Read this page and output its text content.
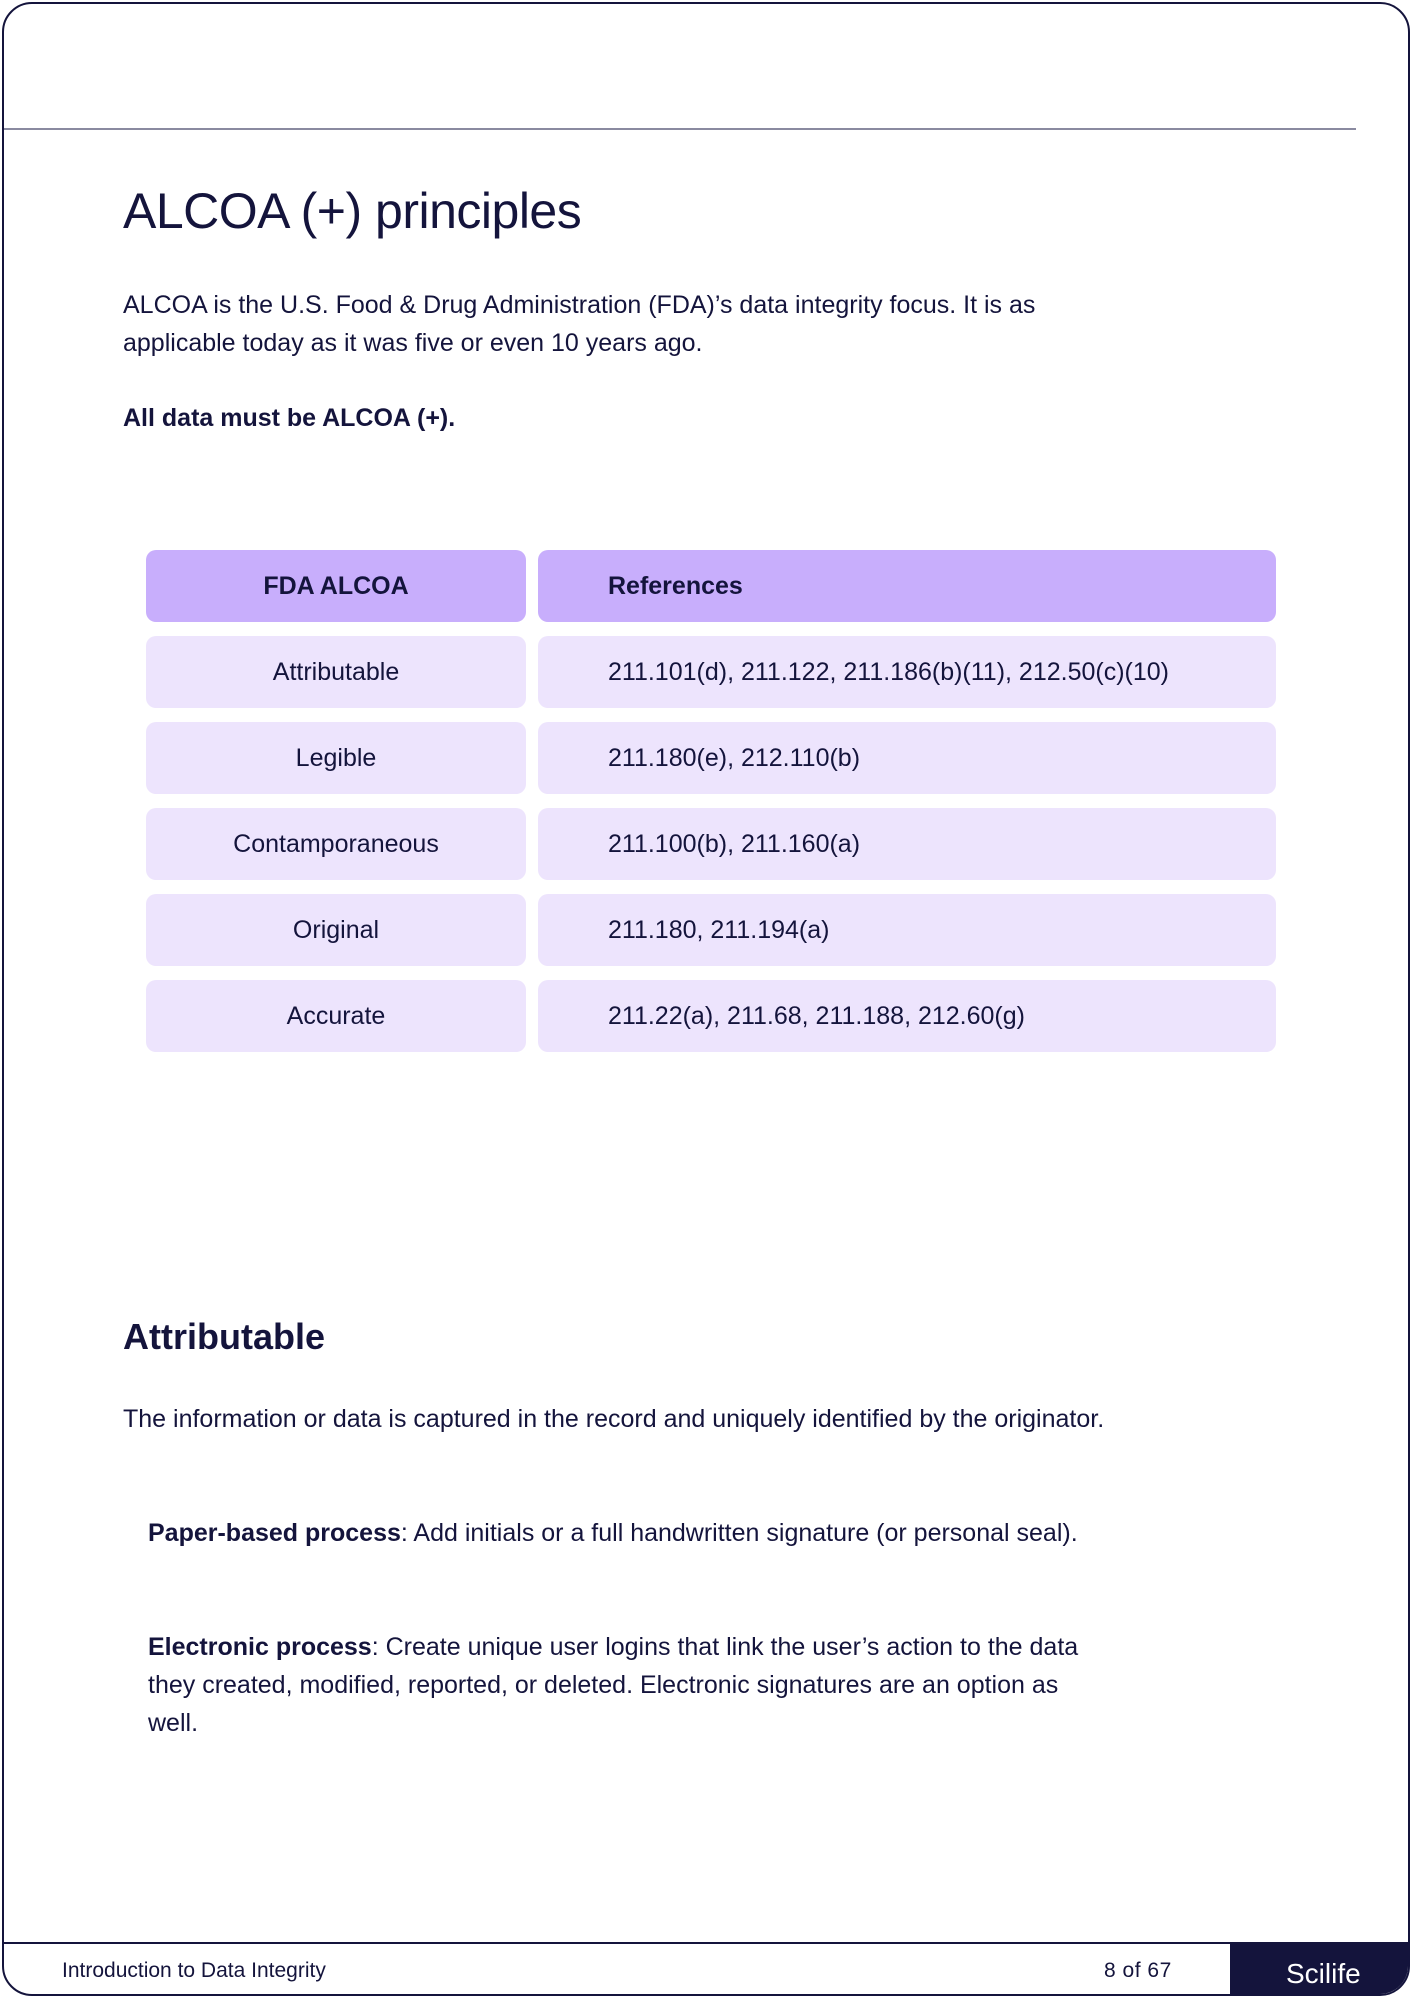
ALCOA (+) principles

ALCOA is the U.S. Food & Drug Administration (FDA)’s data integrity focus. It is as applicable today as it was five or even 10 years ago.

All data must be ALCOA (+).

FDA ALCOA	References
Attributable	211.101(d), 211.122, 211.186(b)(11), 212.50(c)(10)
Legible	211.180(e), 212.110(b)
Contamporaneous	211.100(b), 211.160(a)
Original	211.180, 211.194(a)
Accurate	211.22(a), 211.68, 211.188, 212.60(g)
Attributable

The information or data is captured in the record and uniquely identified by the originator.

Paper-based process: Add initials or a full handwritten signature (or personal seal).

Electronic process: Create unique user logins that link the user’s action to the data they created, modified, reported, or deleted. Electronic signatures are an option as well.

Introduction to Data Integrity	8 of 67	Scilife
